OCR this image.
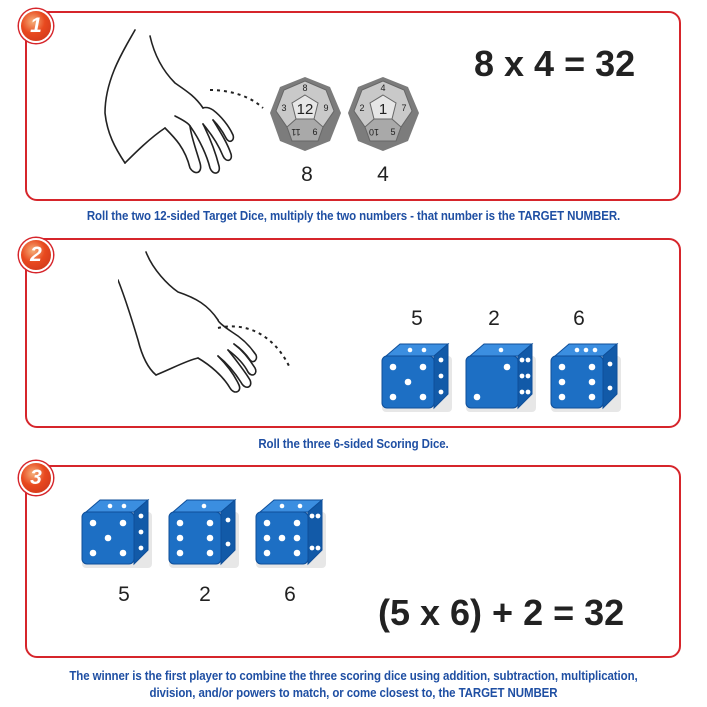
1
12
8
3
11 6
9	1
4
2
10 5
7
8	4
8 x 4 = 32
Roll the two 12-sided Target Dice, multiply the two numbers - that number is the TARGET NUMBER.
2
5	2	6
Roll the three 6-sided Scoring Dice.
3
5	2	6	(5 x 6) + 2 = 32
The winner is the first player to combine the three scoring dice using addition, subtraction, multiplication,
division, and/or powers to match, or come closest to, the TARGET NUMBER
